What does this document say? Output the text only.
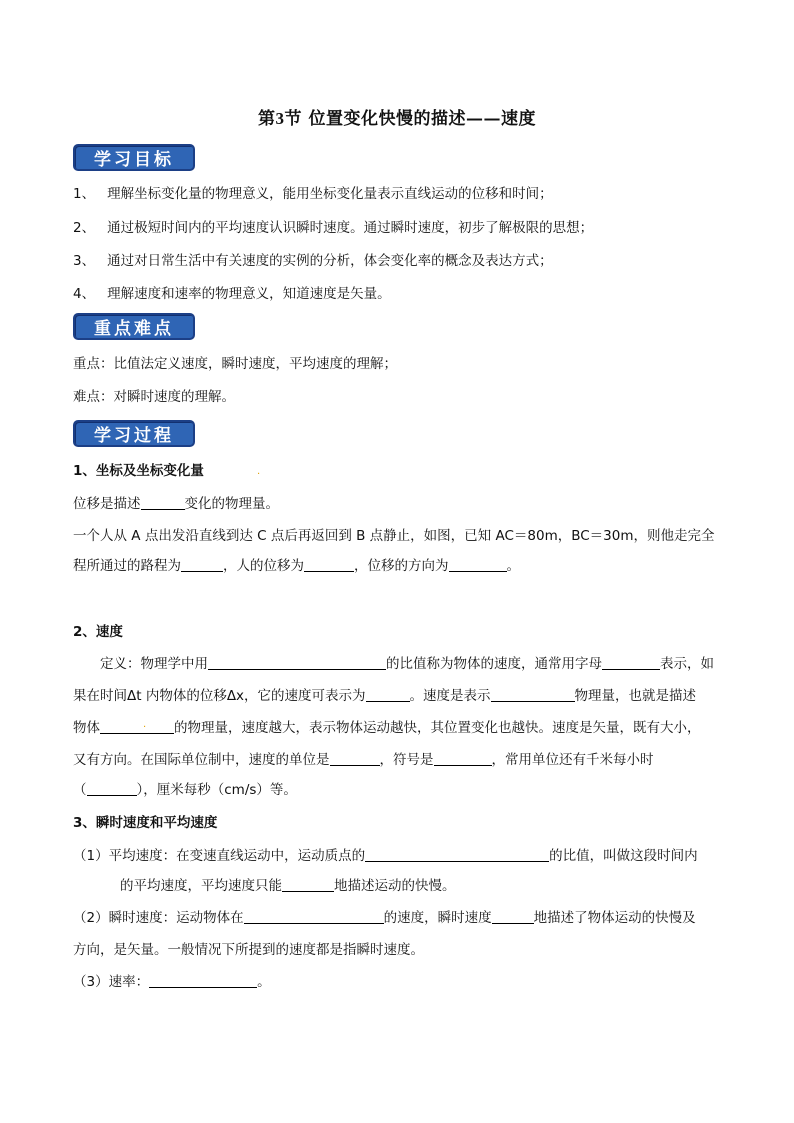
第3节 位置变化快慢的描述——速度
学习目标
1、 理解坐标变化量的物理意义，能用坐标变化量表示直线运动的位移和时间；
2、 通过极短时间内的平均速度认识瞬时速度。通过瞬时速度，初步了解极限的思想；
3、 通过对日常生活中有关速度的实例的分析，体会变化率的概念及表达方式；
4、 理解速度和速率的物理意义，知道速度是矢量。
重点难点
重点：比值法定义速度，瞬时速度，平均速度的理解；
难点：对瞬时速度的理解。
学习过程
1、坐标及坐标变化量	.
位移是描述	变化的物理量。
一个人从 A 点出发沿直线到达 C 点后再返回到 B 点静止，如图，已知 AC＝80m，BC＝30m，则他走完全
程所通过的路程为	，人的位移为	，位移的方向为	。
2、速度
定义：物理学中用	的比值称为物体的速度，通常用字母	表示，如
果在时间Δt 内物体的位移Δx，它的速度可表示为	。速度是表示	物理量，也就是描述
物体	. 的物理量，速度越大，表示物体运动越快，其位置变化也越快。速度是矢量，既有大小，
又有方向。在国际单位制中，速度的单位是	，符号是	，常用单位还有千米每小时
（	），厘米每秒（cm/s）等。
3、瞬时速度和平均速度
（1）平均速度：在变速直线运动中，运动质点的	的比值，叫做这段时间内
的平均速度，平均速度只能	地描述运动的快慢。
（2）瞬时速度：运动物体在	的速度，瞬时速度	地描述了物体运动的快慢及
方向，是矢量。一般情况下所提到的速度都是指瞬时速度。
（3）速率：	。
